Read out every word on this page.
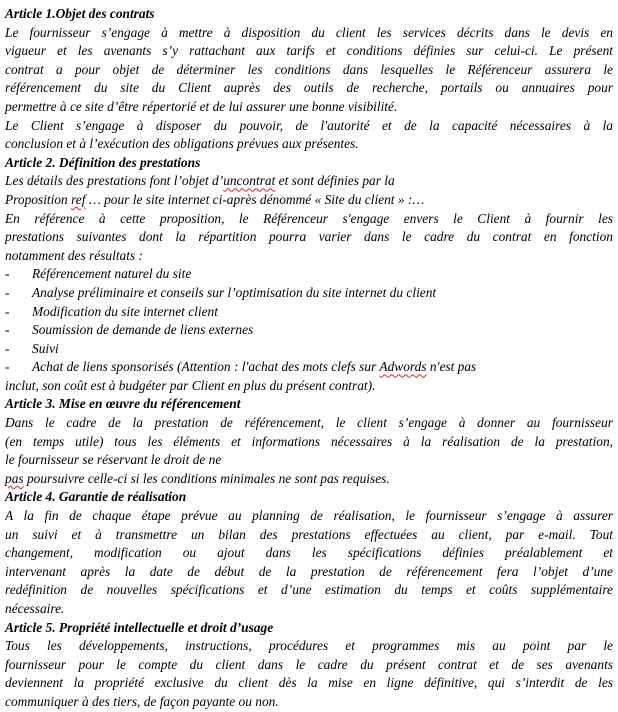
Article 1.Objet des contrats
Le fournisseur s’engage à mettre à disposition du client les services décrits dans le devis en
vigueur et les avenants s’y rattachant aux tarifs et conditions définies sur celui-ci. Le présent
contrat a pour objet de déterminer les conditions dans lesquelles le Référenceur assurera le
référencement du site du Client auprès des outils de recherche, portails ou annuaires pour
permettre à ce site d’être répertorié et de lui assurer une bonne visibilité.
Le Client s’engage à disposer du pouvoir, de l'autorité et de la capacité nécessaires à la
conclusion et à l’exécution des obligations prévues aux présentes.
Article 2. Définition des prestations
Les détails des prestations font l’objet d’uncontrat et sont définies par la
Proposition ref … pour le site internet ci-après dénommé « Site du client » :…
En référence à cette proposition, le Référenceur s'engage envers le Client à fournir les
prestations suivantes dont la répartition pourra varier dans le cadre du contrat en fonction
notamment des résultats :
- Référencement naturel du site
- Analyse préliminaire et conseils sur l’optimisation du site internet du client
- Modification du site internet client
- Soumission de demande de liens externes
- Suivi
- Achat de liens sponsorisés (Attention : l'achat des mots clefs sur Adwords n'est pas
inclut, son coût est à budgéter par Client en plus du présent contrat).
Article 3. Mise en œuvre du référencement
Dans le cadre de la prestation de référencement, le client s’engage à donner au fournisseur
(en temps utile) tous les éléments et informations nécessaires à la réalisation de la prestation,
le fournisseur se réservant le droit de ne
pas poursuivre celle-ci si les conditions minimales ne sont pas requises.
Article 4. Garantie de réalisation
A la fin de chaque étape prévue au planning de réalisation, le fournisseur s’engage à assurer
un suivi et à transmettre un bilan des prestations effectuées au client, par e-mail. Tout
changement, modification ou ajout dans les spécifications définies préalablement et
intervenant après la date de début de la prestation de référencement fera l’objet d’une
redéfinition de nouvelles spécifications et d’une estimation du temps et coûts supplémentaire
nécessaire.
Article 5. Propriété intellectuelle et droit d’usage
Tous les développements, instructions, procédures et programmes mis au point par le
fournisseur pour le compte du client dans le cadre du présent contrat et de ses avenants
deviennent la propriété exclusive du client dès la mise en ligne définitive, qui s’interdit de les
communiquer à des tiers, de façon payante ou non.
